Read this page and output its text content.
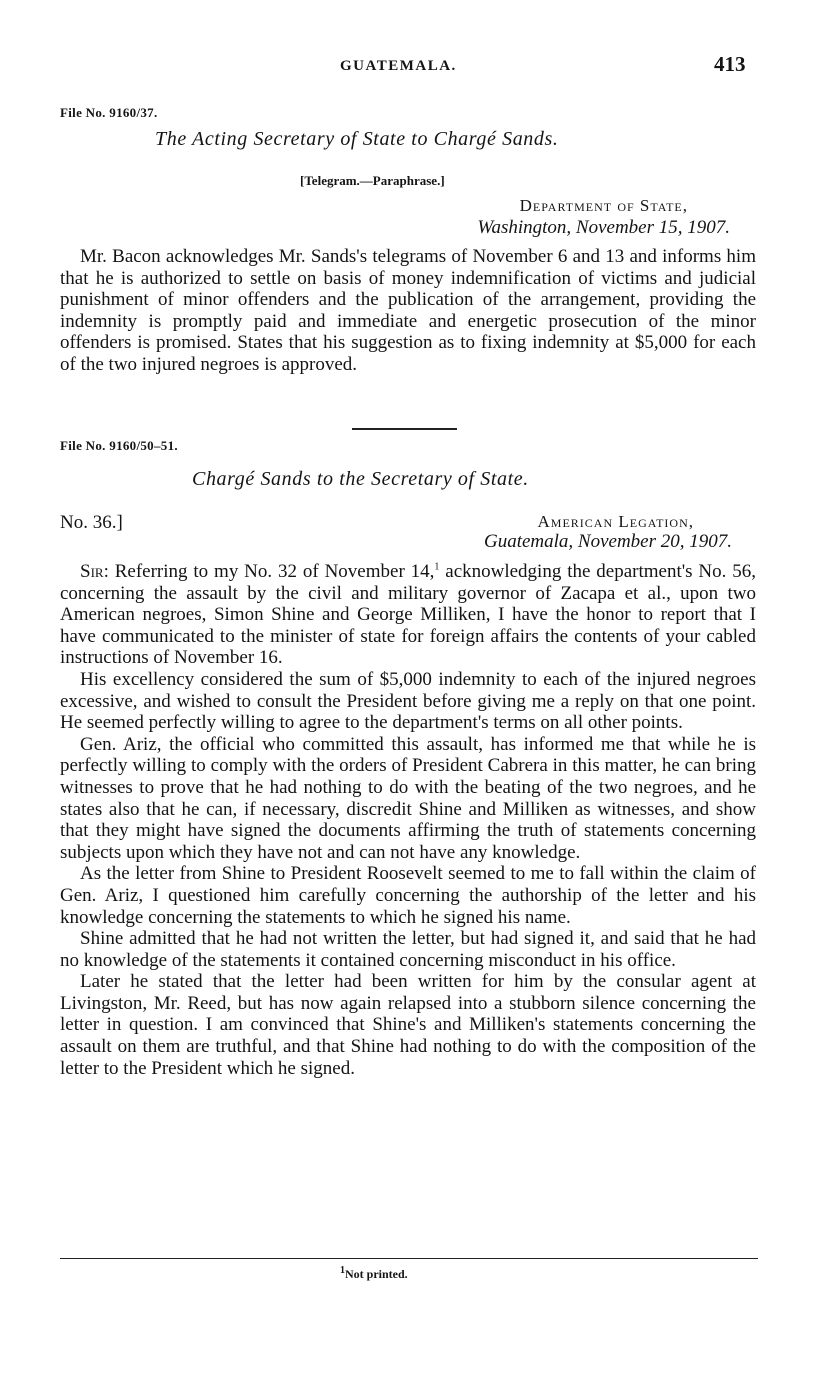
GUATEMALA.	413
File No. 9160/37.
The Acting Secretary of State to Chargé Sands.
[Telegram.—Paraphrase.]
Department of State,
Washington, November 15, 1907.

Mr. Bacon acknowledges Mr. Sands's telegrams of November 6 and 13 and informs him that he is authorized to settle on basis of money indemnification of victims and judicial punishment of minor offenders and the publication of the arrangement, providing the indemnity is promptly paid and immediate and energetic prosecution of the minor offenders is promised. States that his suggestion as to fixing indemnity at $5,000 for each of the two injured negroes is approved.

File No. 9160/50–51.
Chargé Sands to the Secretary of State.
No. 36.]	American Legation,
Guatemala, November 20, 1907.

Sir: Referring to my No. 32 of November 14,$^1$ acknowledging the department's No. 56, concerning the assault by the civil and military governor of Zacapa et al., upon two American negroes, Simon Shine and George Milliken, I have the honor to report that I have communicated to the minister of state for foreign affairs the contents of your cabled instructions of November 16.

His excellency considered the sum of $5,000 indemnity to each of the injured negroes excessive, and wished to consult the President before giving me a reply on that one point. He seemed perfectly willing to agree to the department's terms on all other points.

Gen. Ariz, the official who committed this assault, has informed me that while he is perfectly willing to comply with the orders of President Cabrera in this matter, he can bring witnesses to prove that he had nothing to do with the beating of the two negroes, and he states also that he can, if necessary, discredit Shine and Milliken as witnesses, and show that they might have signed the documents affirming the truth of statements concerning subjects upon which they have not and can not have any knowledge.

As the letter from Shine to President Roosevelt seemed to me to fall within the claim of Gen. Ariz, I questioned him carefully concerning the authorship of the letter and his knowledge concerning the statements to which he signed his name.

Shine admitted that he had not written the letter, but had signed it, and said that he had no knowledge of the statements it contained concerning misconduct in his office.

Later he stated that the letter had been written for him by the consular agent at Livingston, Mr. Reed, but has now again relapsed into a stubborn silence concerning the letter in question. I am convinced that Shine's and Milliken's statements concerning the assault on them are truthful, and that Shine had nothing to do with the composition of the letter to the President which he signed.

$^1$Not printed.
